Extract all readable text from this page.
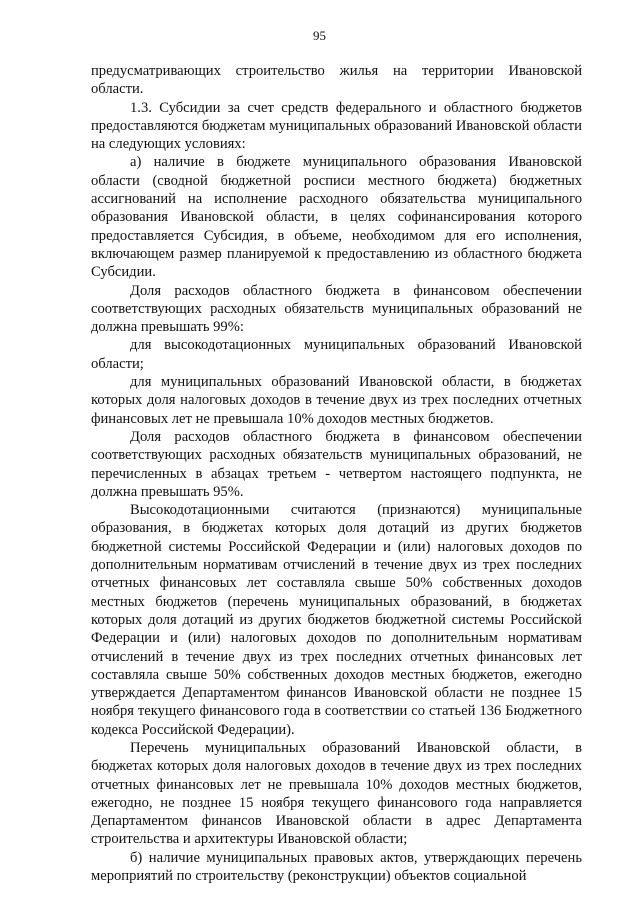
95

предусматривающих строительство жилья на территории Ивановской области.

1.3. Субсидии за счет средств федерального и областного бюджетов предоставляются бюджетам муниципальных образований Ивановской области на следующих условиях:

а) наличие в бюджете муниципального образования Ивановской области (сводной бюджетной росписи местного бюджета) бюджетных ассигнований на исполнение расходного обязательства муниципального образования Ивановской области, в целях софинансирования которого предоставляется Субсидия, в объеме, необходимом для его исполнения, включающем размер планируемой к предоставлению из областного бюджета Субсидии.

Доля расходов областного бюджета в финансовом обеспечении соответствующих расходных обязательств муниципальных образований не должна превышать 99%:

для высокодотационных муниципальных образований Ивановской области;

для муниципальных образований Ивановской области, в бюджетах которых доля налоговых доходов в течение двух из трех последних отчетных финансовых лет не превышала 10% доходов местных бюджетов.

Доля расходов областного бюджета в финансовом обеспечении соответствующих расходных обязательств муниципальных образований, не перечисленных в абзацах третьем - четвертом настоящего подпункта, не должна превышать 95%.

Высокодотационными считаются (признаются) муниципальные образования, в бюджетах которых доля дотаций из других бюджетов бюджетной системы Российской Федерации и (или) налоговых доходов по дополнительным нормативам отчислений в течение двух из трех последних отчетных финансовых лет составляла свыше 50% собственных доходов местных бюджетов (перечень муниципальных образований, в бюджетах которых доля дотаций из других бюджетов бюджетной системы Российской Федерации и (или) налоговых доходов по дополнительным нормативам отчислений в течение двух из трех последних отчетных финансовых лет составляла свыше 50% собственных доходов местных бюджетов, ежегодно утверждается Департаментом финансов Ивановской области не позднее 15 ноября текущего финансового года в соответствии со статьей 136 Бюджетного кодекса Российской Федерации).

Перечень муниципальных образований Ивановской области, в бюджетах которых доля налоговых доходов в течение двух из трех последних отчетных финансовых лет не превышала 10% доходов местных бюджетов, ежегодно, не позднее 15 ноября текущего финансового года направляется Департаментом финансов Ивановской области в адрес Департамента строительства и архитектуры Ивановской области;

б) наличие муниципальных правовых актов, утверждающих перечень мероприятий по строительству (реконструкции) объектов социальной
